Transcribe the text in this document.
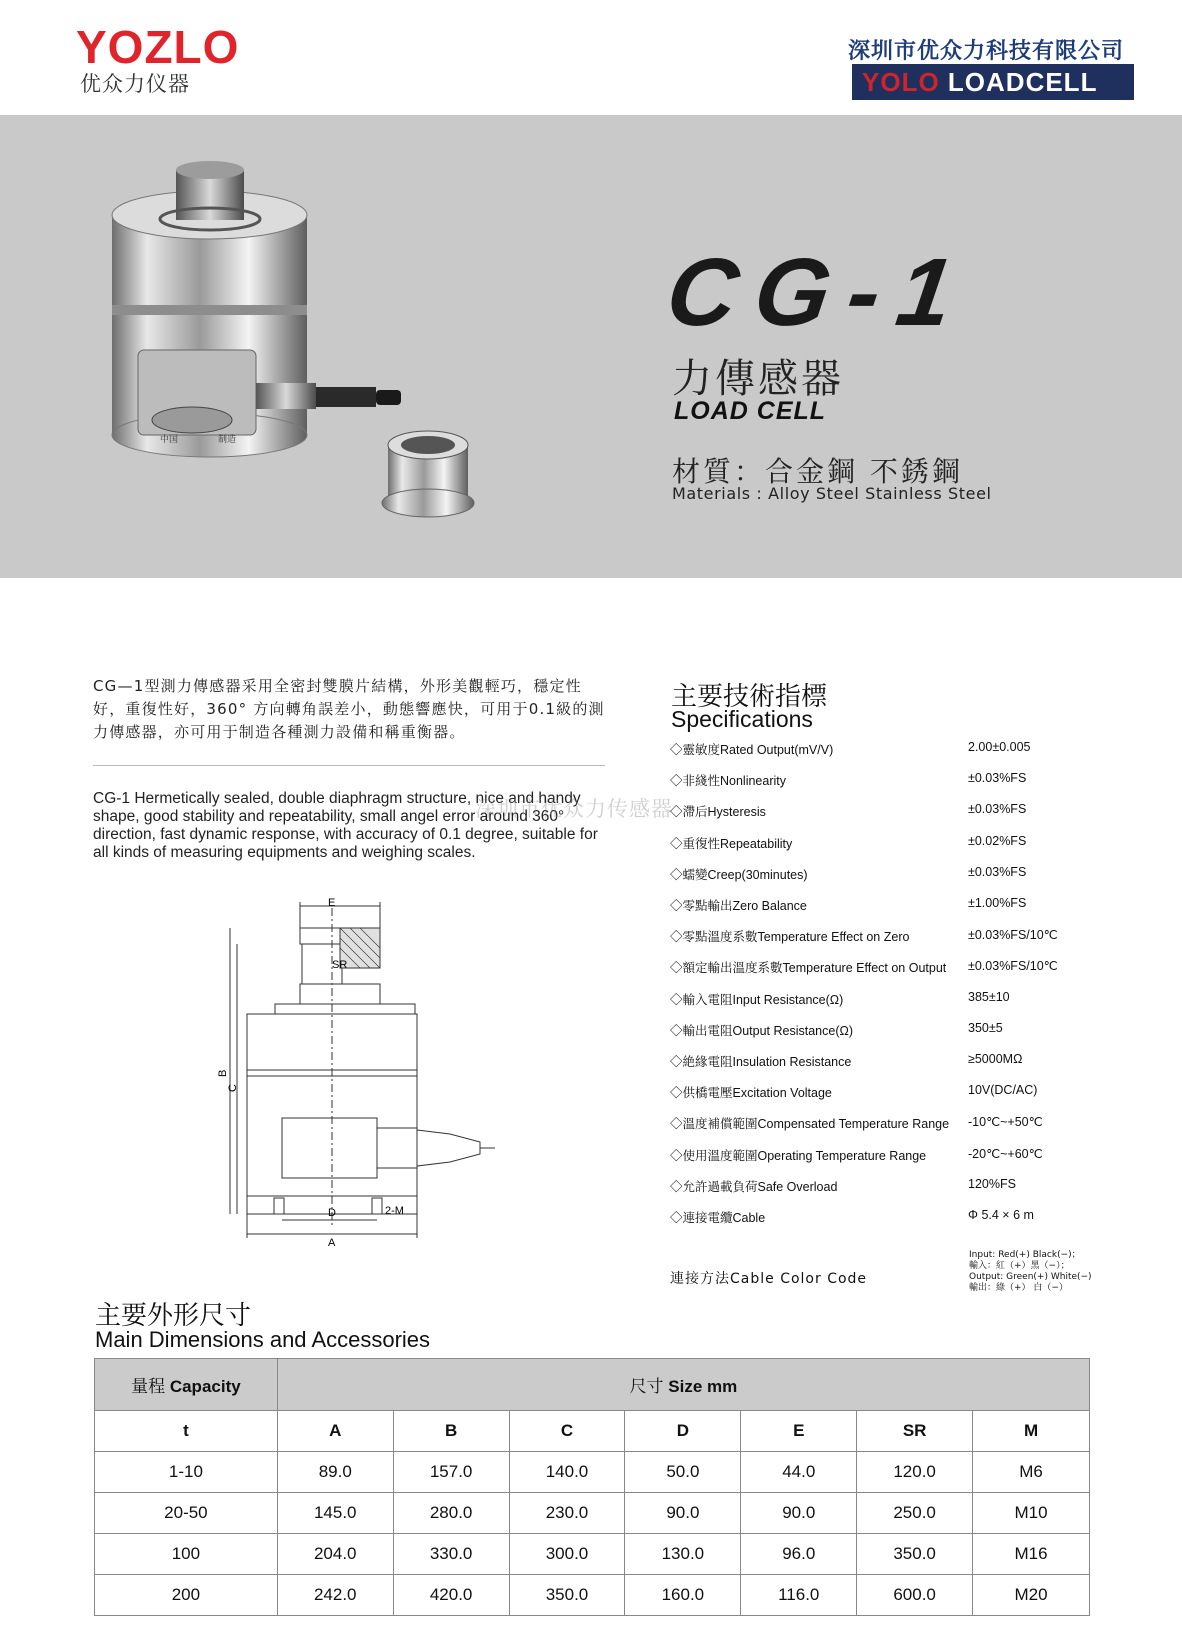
YOZLO
优众力仪器
深圳市优众力科技有限公司
YOLO LOADCELL
中国	制造
CG-1
力傳感器
LOAD CELL
材質：合金鋼 不銹鋼
Materials : Alloy Steel Stainless Steel
CG—1型測力傳感器采用全密封雙膜片結構，外形美觀輕巧，穩定性好，重復性好，360° 方向轉角誤差小，動態響應快，可用于0.1級的測力傳感器，亦可用于制造各種測力設備和稱重衡器。
CG-1 Hermetically sealed, double diaphragm structure, nice and handy shape, good stability and repeatability, small angel error around 360° direction, fast dynamic response, with accuracy of 0.1 degree, suitable for all kinds of measuring equipments and weighing scales.
深圳市优众力传感器
E
SR
B
C
D
A
2-M
主要技術指標
Specifications
◇靈敏度Rated Output(mV/V)	2.00±0.005
◇非綫性Nonlinearity	±0.03%FS
◇滯后Hysteresis	±0.03%FS
◇重復性Repeatability	±0.02%FS
◇蠕變Creep(30minutes)	±0.03%FS
◇零點輸出Zero Balance	±1.00%FS
◇零點溫度系數Temperature Effect on Zero	±0.03%FS/10℃
◇額定輸出溫度系數Temperature Effect on Output ±0.03%FS/10℃
◇輸入電阻Input Resistance(Ω)	385±10
◇輸出電阻Output Resistance(Ω)	350±5
◇絶緣電阻Insulation Resistance	≥5000MΩ
◇供橋電壓Excitation Voltage	10V(DC/AC)
◇溫度補償範圍Compensated Temperature Range -10℃~+50℃
◇使用溫度範圍Operating Temperature Range	-20℃~+60℃
◇允許過載負荷Safe Overload	120%FS
◇連接電纜Cable	Φ 5.4 × 6 m
連接方法Cable Color Code
Input: Red(+) Black(−)；
輸入：紅（+）黑（−）；
Output: Green(+) White(−)
輸出：綠（+） 白（−）
主要外形尺寸
Main Dimensions and Accessories
量程 Capacity	尺寸 Size mm						
t	A	B	C	D	E	SR	M
1-10	89.0	157.0	140.0	50.0	44.0	120.0	M6
20-50	145.0	280.0	230.0	90.0	90.0	250.0	M10
100	204.0	330.0	300.0	130.0	96.0	350.0	M16
200	242.0	420.0	350.0	160.0	116.0	600.0	M20
